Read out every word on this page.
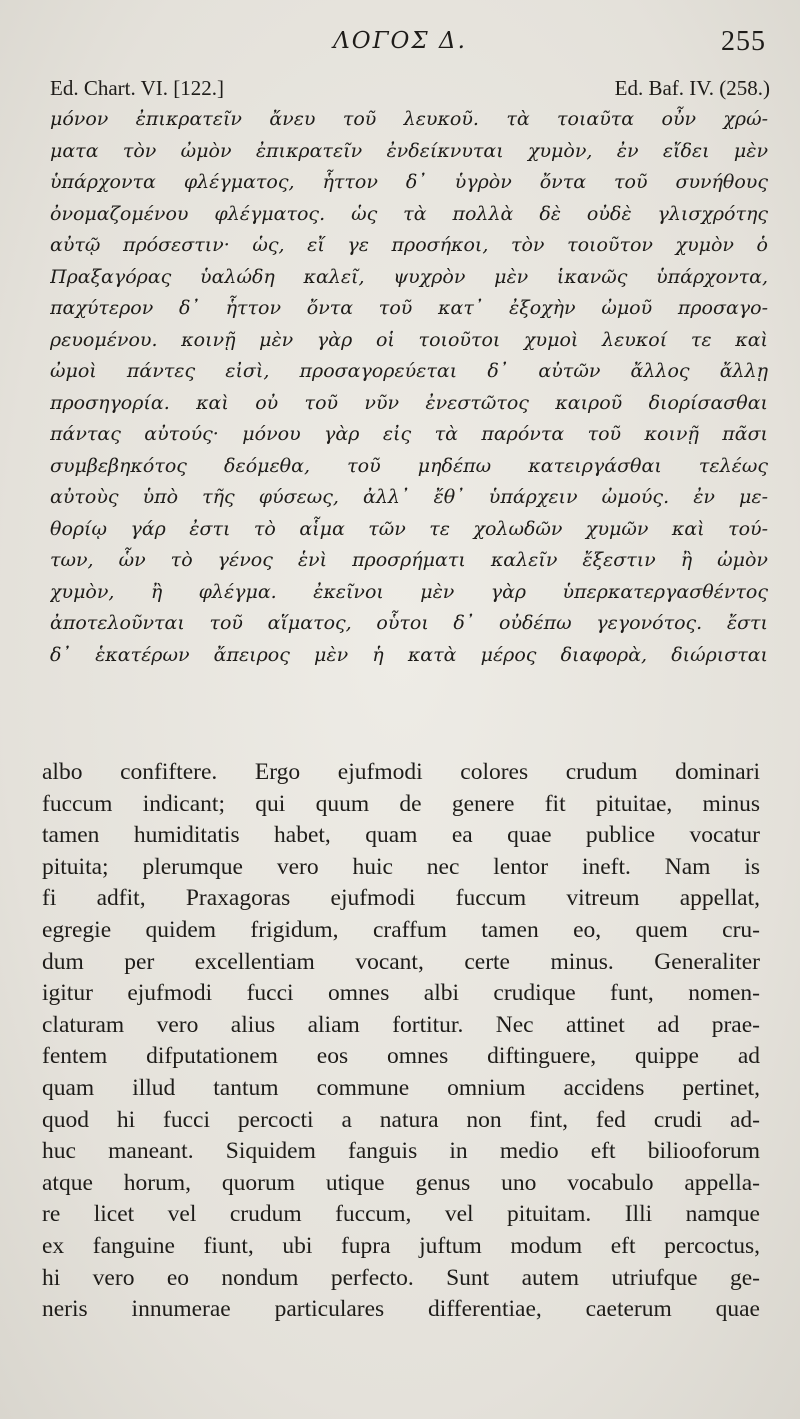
ΛΟΓΟΣ Δ.	255
Ed. Chart. VI. [122.]	Ed. Baf. IV. (258.)
μόνον ἐπικρατεῖν ἄνευ τοῦ λευκοῦ. τὰ τοιαῦτα οὖν χρώ-
ματα τὸν ὠμὸν ἐπικρατεῖν ἐνδείκνυται χυμὸν, ἐν εἴδει μὲν
ὑπάρχοντα φλέγματος, ἧττον δ᾽ ὑγρὸν ὄντα τοῦ συνήθους
ὀνομαζομένου φλέγματος. ὡς τὰ πολλὰ δὲ οὐδὲ γλισχρότης
αὐτῷ πρόσεστιν· ὡς, εἴ γε προσήκοι, τὸν τοιοῦτον χυμὸν ὁ
Πραξαγόρας ὑαλώδη καλεῖ, ψυχρὸν μὲν ἱκανῶς ὑπάρχοντα,
παχύτερον δ᾽ ἧττον ὄντα τοῦ κατ᾽ ἐξοχὴν ὠμοῦ προσαγο-
ρευομένου. κοινῇ μὲν γὰρ οἱ τοιοῦτοι χυμοὶ λευκοί τε καὶ
ὠμοὶ πάντες εἰσὶ, προσαγορεύεται δ᾽ αὐτῶν ἄλλος ἄλλῃ
προσηγορία. καὶ οὐ τοῦ νῦν ἐνεστῶτος καιροῦ διορίσασθαι
πάντας αὐτούς· μόνου γὰρ εἰς τὰ παρόντα τοῦ κοινῇ πᾶσι
συμβεβηκότος δεόμεθα, τοῦ μηδέπω κατειργάσθαι τελέως
αὐτοὺς ὑπὸ τῆς φύσεως, ἀλλ᾽ ἔθ᾽ ὑπάρχειν ὠμούς. ἐν με-
θορίῳ γάρ ἐστι τὸ αἷμα τῶν τε χολωδῶν χυμῶν καὶ τού-
των, ὧν τὸ γένος ἑνὶ προσρήματι καλεῖν ἔξεστιν ἢ ὠμὸν
χυμὸν, ἢ φλέγμα. ἐκεῖνοι μὲν γὰρ ὑπερκατεργασθέντος
ἀποτελοῦνται τοῦ αἵματος, οὗτοι δ᾽ οὐδέπω γεγονότος. ἔστι
δ᾽ ἑκατέρων ἄπειρος μὲν ἡ κατὰ μέρος διαφορὰ, διώρισται
albo confiftere. Ergo ejufmodi colores crudum dominari
fuccum indicant; qui quum de genere fit pituitae, minus
tamen humiditatis habet, quam ea quae publice vocatur
pituita; plerumque vero huic nec lentor ineft. Nam is
fi adfit, Praxagoras ejufmodi fuccum vitreum appellat,
egregie quidem frigidum, craffum tamen eo, quem cru-
dum per excellentiam vocant, certe minus. Generaliter
igitur ejufmodi fucci omnes albi crudique funt, nomen-
claturam vero alius aliam fortitur. Nec attinet ad prae-
fentem difputationem eos omnes diftinguere, quippe ad
quam illud tantum commune omnium accidens pertinet,
quod hi fucci percocti a natura non fint, fed crudi ad-
huc maneant. Siquidem fanguis in medio eft biliooforum
atque horum, quorum utique genus uno vocabulo appella-
re licet vel crudum fuccum, vel pituitam. Illi namque
ex fanguine fiunt, ubi fupra juftum modum eft percoctus,
hi vero eo nondum perfecto. Sunt autem utriufque ge-
neris innumerae particulares differentiae, caeterum quae
